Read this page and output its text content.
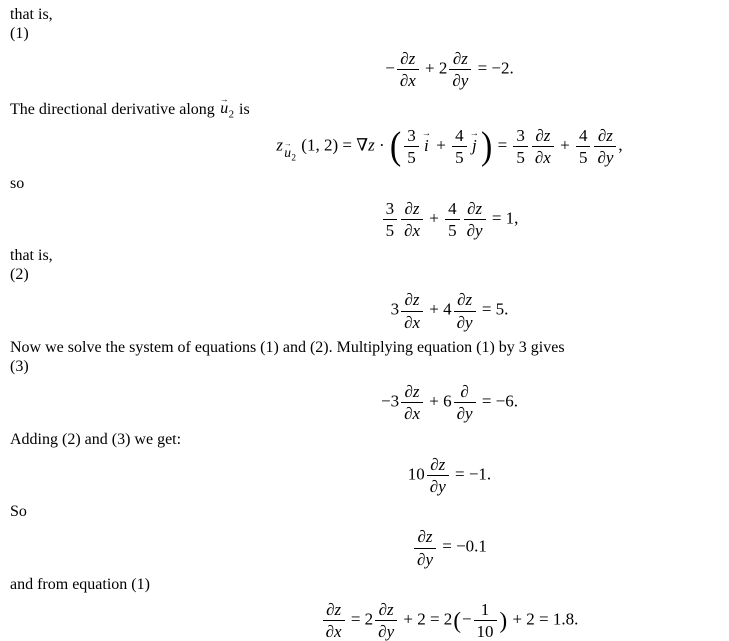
that is,
(1)
− $\frac{\partial z}{\partial x} + 2 \frac{\partial z}{\partial y} = -2$.
The directional derivative along
→
u $_2$ is
z $_{\to u _2}$ (1, 2) = ∇z · ( $\frac{3}{5}$ →
$i + \frac{4}{5}$ →
j ) = $\frac{3}{5} \frac{\partial z}{\partial x} + \frac{4}{5} \frac{\partial z}{\partial y}$ ,
so
$\frac{3}{5} \frac{\partial z}{\partial x} + \frac{4}{5} \frac{\partial z}{\partial y} = 1$,
that is,
(2)
$3 \frac{\partial z}{\partial x} + 4 \frac{\partial z}{\partial y} = 5$.
Now we solve the system of equations (1) and (2). Multiplying equation (1) by 3 gives
(3)
$-3 \frac{\partial z}{\partial x} + 6 \frac{\partial}{\partial y} = -6$.
Adding (2) and (3) we get:
$10 \frac{\partial z}{\partial y} = -1$.
So
$\frac{\partial z}{\partial y} = -0.1$
and from equation (1)
$\frac{\partial z}{\partial x} = 2 \frac{\partial z}{\partial y} + 2 = 2(- \frac{1}{10}$ ) + 2 = 1.8.
